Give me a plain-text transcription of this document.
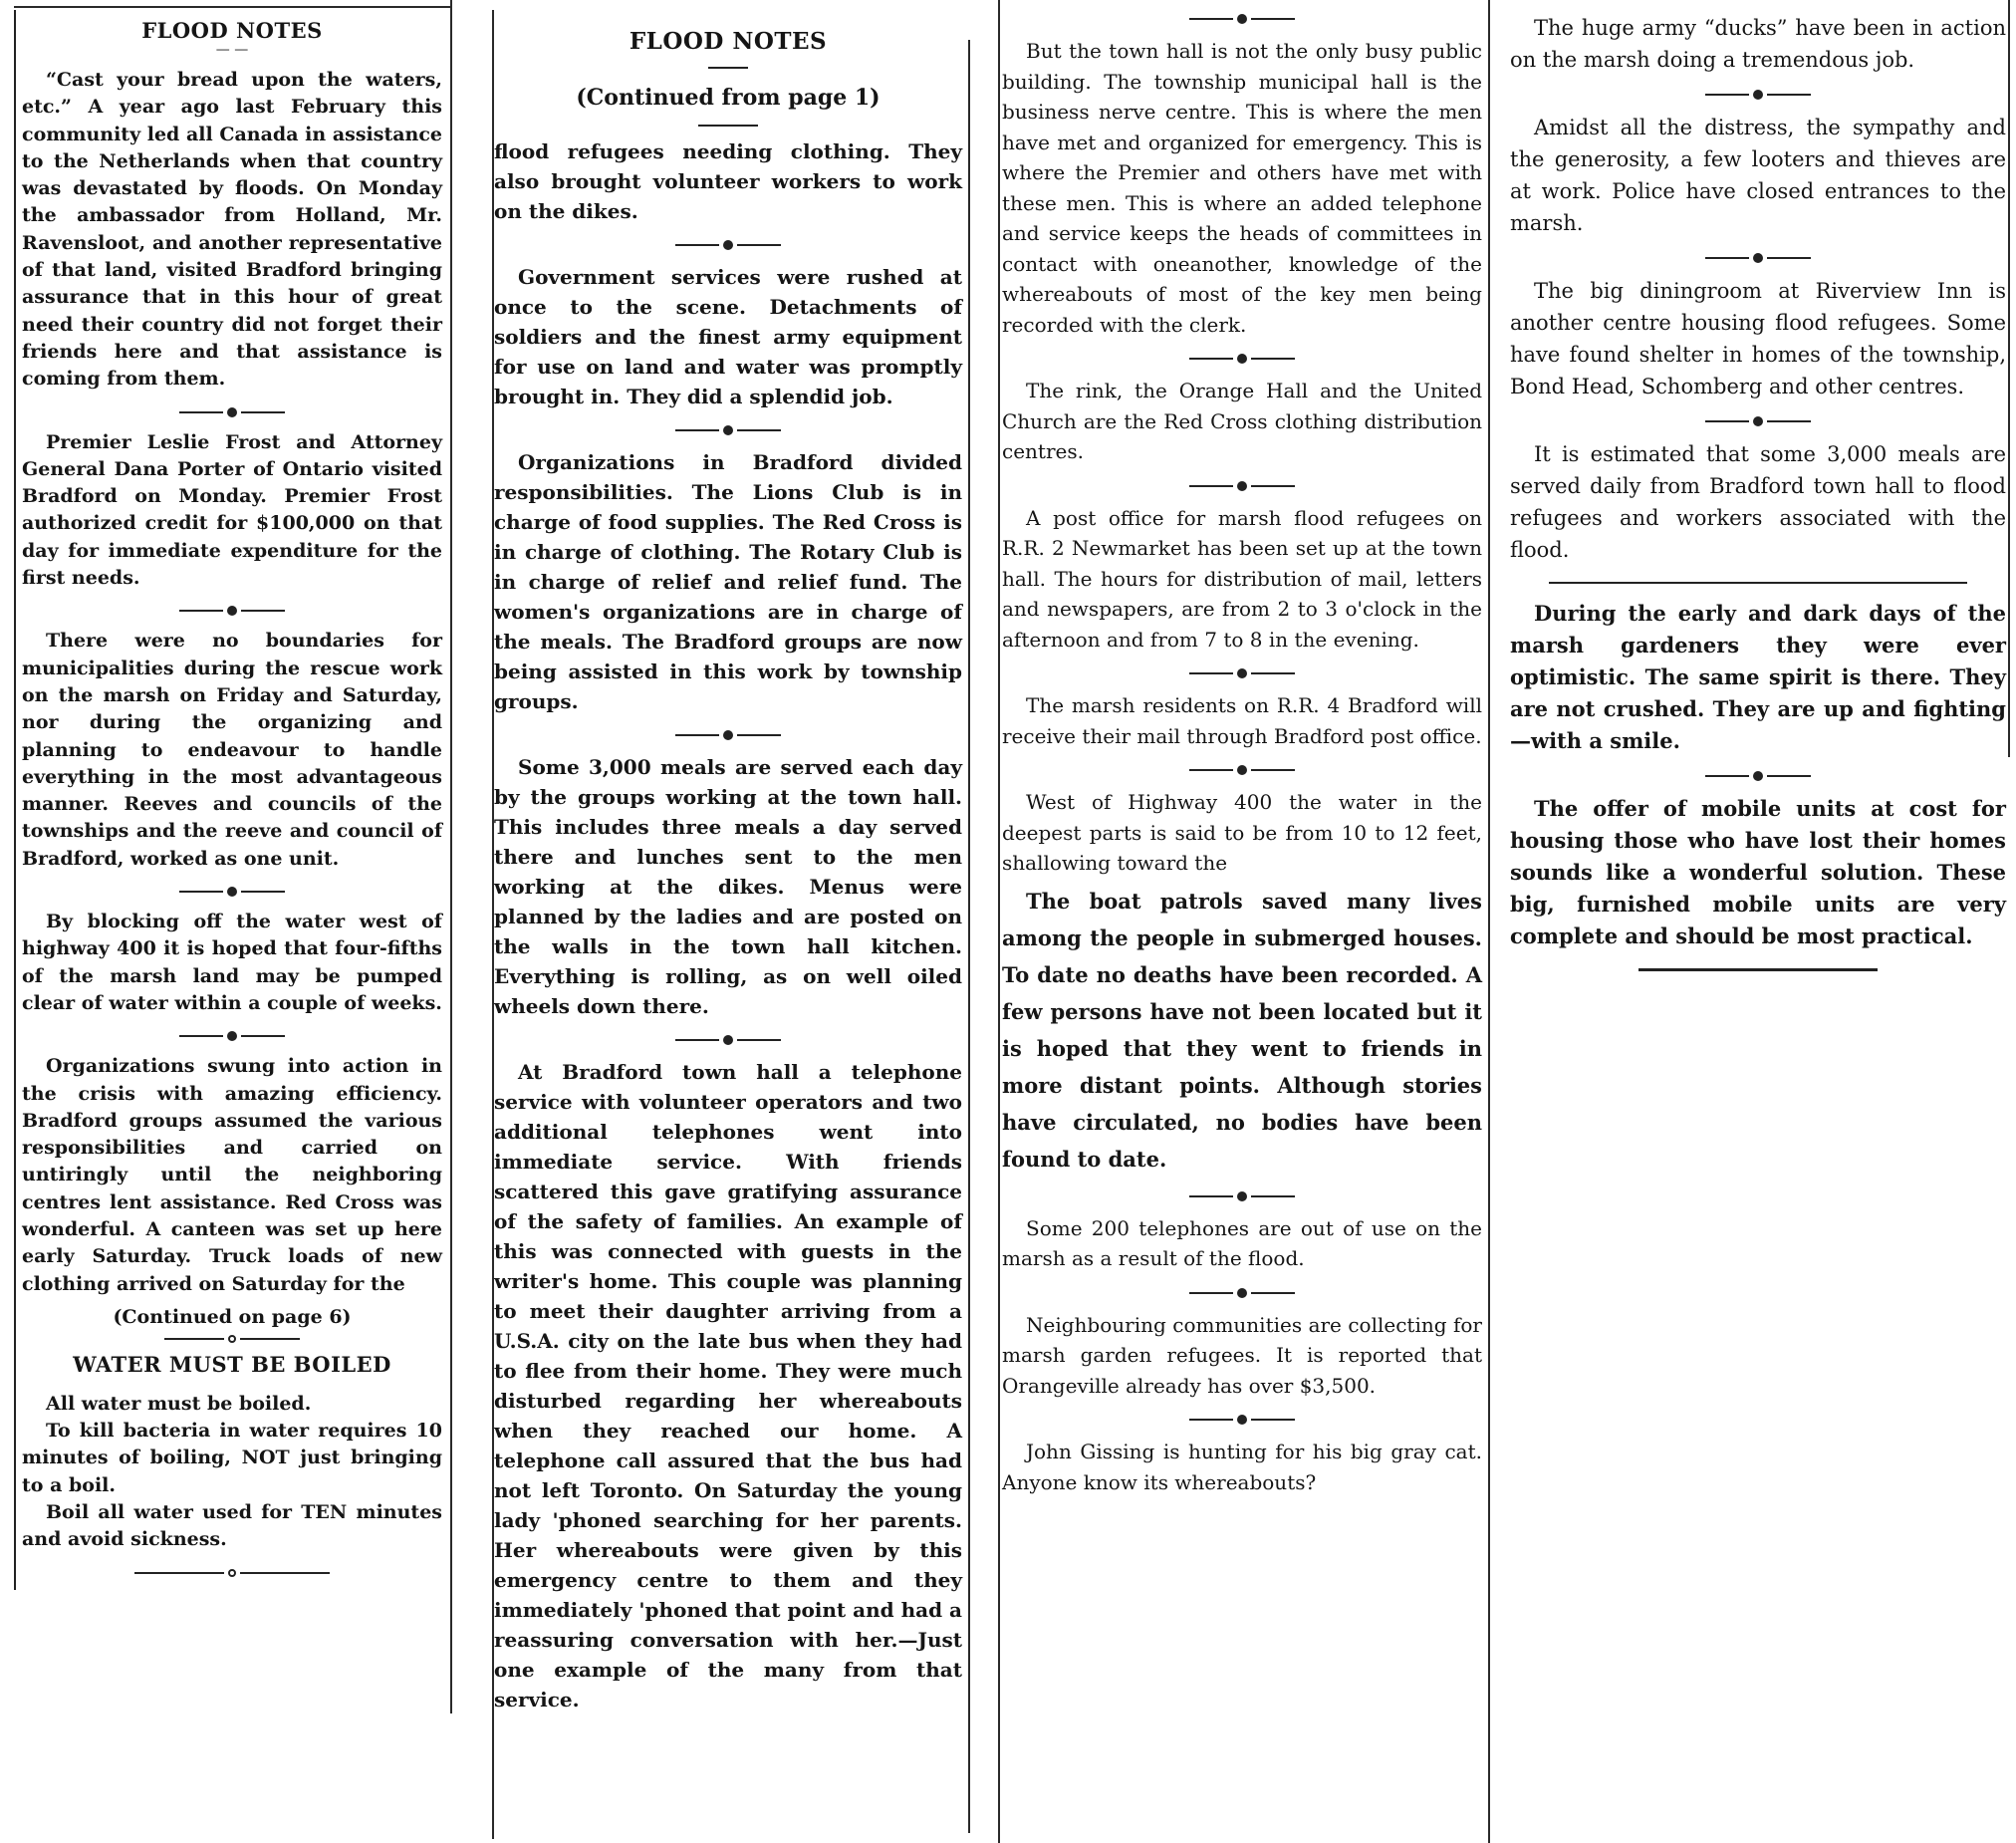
FLOOD NOTES
— —

“Cast your bread upon the waters, etc.” A year ago last February this community led all Canada in assistance to the Netherlands when that country was devastated by floods. On Monday the ambassador from Holland, Mr. Ravensloot, and another representative of that land, visited Bradford bringing assurance that in this hour of great need their country did not forget their friends here and that assistance is coming from them.

Premier Leslie Frost and Attorney General Dana Porter of Ontario visited Bradford on Monday. Premier Frost authorized credit for $100,000 on that day for immediate expenditure for the first needs.

There were no boundaries for municipalities during the rescue work on the marsh on Friday and Saturday, nor during the organizing and planning to endeavour to handle everything in the most advantageous manner. Reeves and councils of the townships and the reeve and council of Bradford, worked as one unit.

By blocking off the water west of highway 400 it is hoped that four-fifths of the marsh land may be pumped clear of water within a couple of weeks.

Organizations swung into action in the crisis with amazing efficiency. Bradford groups assumed the various responsibilities and carried on untiringly until the neighboring centres lent assistance. Red Cross was wonderful. A canteen was set up here early Saturday. Truck loads of new clothing arrived on Saturday for the

(Continued on page 6)
WATER MUST BE BOILED

All water must be boiled.

To kill bacteria in water requires 10 minutes of boiling, NOT just bringing to a boil.

Boil all water used for TEN minutes and avoid sickness.

FLOOD NOTES
(Continued from page 1)

flood refugees needing clothing. They also brought volunteer workers to work on the dikes.

Government services were rushed at once to the scene. Detachments of soldiers and the finest army equipment for use on land and water was promptly brought in. They did a splendid job.

Organizations in Bradford divided responsibilities. The Lions Club is in charge of food supplies. The Red Cross is in charge of clothing. The Rotary Club is in charge of relief and relief fund. The women's organizations are in charge of the meals. The Bradford groups are now being assisted in this work by township groups.

Some 3,000 meals are served each day by the groups working at the town hall. This includes three meals a day served there and lunches sent to the men working at the dikes. Menus were planned by the ladies and are posted on the walls in the town hall kitchen. Everything is rolling, as on well oiled wheels down there.

At Bradford town hall a telephone service with volunteer operators and two additional telephones went into immediate service. With friends scattered this gave gratifying assurance of the safety of families. An example of this was connected with guests in the writer's home. This couple was planning to meet their daughter arriving from a U.S.A. city on the late bus when they had to flee from their home. They were much disturbed regarding her whereabouts when they reached our home. A telephone call assured that the bus had not left Toronto. On Saturday the young lady 'phoned searching for her parents. Her whereabouts were given by this emergency centre to them and they immediately 'phoned that point and had a reassuring conversation with her.—Just one example of the many from that service.

But the town hall is not the only busy public building. The township municipal hall is the business nerve centre. This is where the men have met and organized for emergency. This is where the Premier and others have met with these men. This is where an added telephone and service keeps the heads of committees in contact with oneanother, knowledge of the whereabouts of most of the key men being recorded with the clerk.

The rink, the Orange Hall and the United Church are the Red Cross clothing distribution centres.

A post office for marsh flood refugees on R.R. 2 Newmarket has been set up at the town hall. The hours for distribution of mail, letters and newspapers, are from 2 to 3 o'clock in the afternoon and from 7 to 8 in the evening.

The marsh residents on R.R. 4 Bradford will receive their mail through Bradford post office.

West of Highway 400 the water in the deepest parts is said to be from 10 to 12 feet, shallowing toward the

The boat patrols saved many lives among the people in submerged houses. To date no deaths have been recorded. A few persons have not been located but it is hoped that they went to friends in more distant points. Although stories have circulated, no bodies have been found to date.

Some 200 telephones are out of use on the marsh as a result of the flood.

Neighbouring communities are collecting for marsh garden refugees. It is reported that Orangeville already has over $3,500.

John Gissing is hunting for his big gray cat. Anyone know its whereabouts?

The huge army “ducks” have been in action on the marsh doing a tremendous job.

Amidst all the distress, the sympathy and the generosity, a few looters and thieves are at work. Police have closed entrances to the marsh.

The big diningroom at Riverview Inn is another centre housing flood refugees. Some have found shelter in homes of the township, Bond Head, Schomberg and other centres.

It is estimated that some 3,000 meals are served daily from Bradford town hall to flood refugees and workers associated with the flood.

During the early and dark days of the marsh gardeners they were ever optimistic. The same spirit is there. They are not crushed. They are up and fighting—with a smile.

The offer of mobile units at cost for housing those who have lost their homes sounds like a wonderful solution. These big, furnished mobile units are very complete and should be most practical.
